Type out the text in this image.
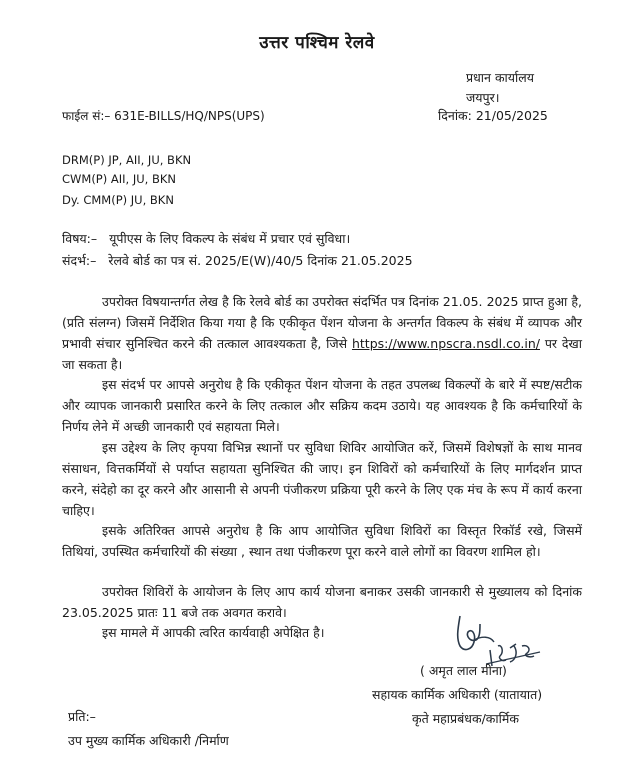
उत्तर पश्चिम रेलवे
प्रधान कार्यालय
जयपुर।
फाईल सं:– 631E-BILLS/HQ/NPS(UPS)	दिनांक: 21/05/2025
DRM(P) JP, AII, JU, BKN
CWM(P) AII, JU, BKN
Dy. CMM(P) JU, BKN
विषय:– यूपीएस के लिए विकल्प के संबंध में प्रचार एवं सुविधा।
संदर्भ:– रेलवे बोर्ड का पत्र सं. 2025/E(W)/40/5 दिनांक 21.05.2025

उपरोक्त विषयान्तर्गत लेख है कि रेलवे बोर्ड का उपरोक्त संदर्भित पत्र दिनांक 21.05. 2025 प्राप्त हुआ है,(प्रति संलग्न) जिसमें निर्देशित किया गया है कि एकीकृत पेंशन योजना के अन्तर्गत विकल्प के संबंध में व्यापक और प्रभावी संचार सुनिश्चित करने की तत्काल आवश्यकता है, जिसे https://www.npscra.nsdl.co.in/ पर देखा जा सकता है।

इस संदर्भ पर आपसे अनुरोध है कि एकीकृत पेंशन योजना के तहत उपलब्ध विकल्पों के बारे में स्पष्ट/सटीक और व्यापक जानकारी प्रसारित करने के लिए तत्काल और सक्रिय कदम उठाये। यह आवश्यक है कि कर्मचारियों के निर्णय लेने में अच्छी जानकारी एवं सहायता मिले।

इस उद्देश्य के लिए कृपया विभिन्न स्थानों पर सुविधा शिविर आयोजित करें, जिसमें विशेषज्ञों के साथ मानव संसाधन, वित्तकर्मियों से पर्याप्त सहायता सुनिश्चित की जाए। इन शिविरों को कर्मचारियों के लिए मार्गदर्शन प्राप्त करने, संदेहो का दूर करने और आसानी से अपनी पंजीकरण प्रक्रिया पूरी करने के लिए एक मंच के रूप में कार्य करना चाहिए।

इसके अतिरिक्त आपसे अनुरोध है कि आप आयोजित सुविधा शिविरों का विस्तृत रिकॉर्ड रखे, जिसमें तिथियां, उपस्थित कर्मचारियों की संख्या , स्थान तथा पंजीकरण पूरा करने वाले लोगों का विवरण शामिल हो।

उपरोक्त शिविरों के आयोजन के लिए आप कार्य योजना बनाकर उसकी जानकारी से मुख्यालय को दिनांक 23.05.2025 प्रातः 11 बजे तक अवगत करावे।

इस मामले में आपकी त्वरित कार्यवाही अपेक्षित है।

( अमृत लाल मीना)
सहायक कार्मिक अधिकारी (यातायात)
कृते महाप्रबंधक/कार्मिक
प्रति:–
उप मुख्य कार्मिक अधिकारी /निर्माण
